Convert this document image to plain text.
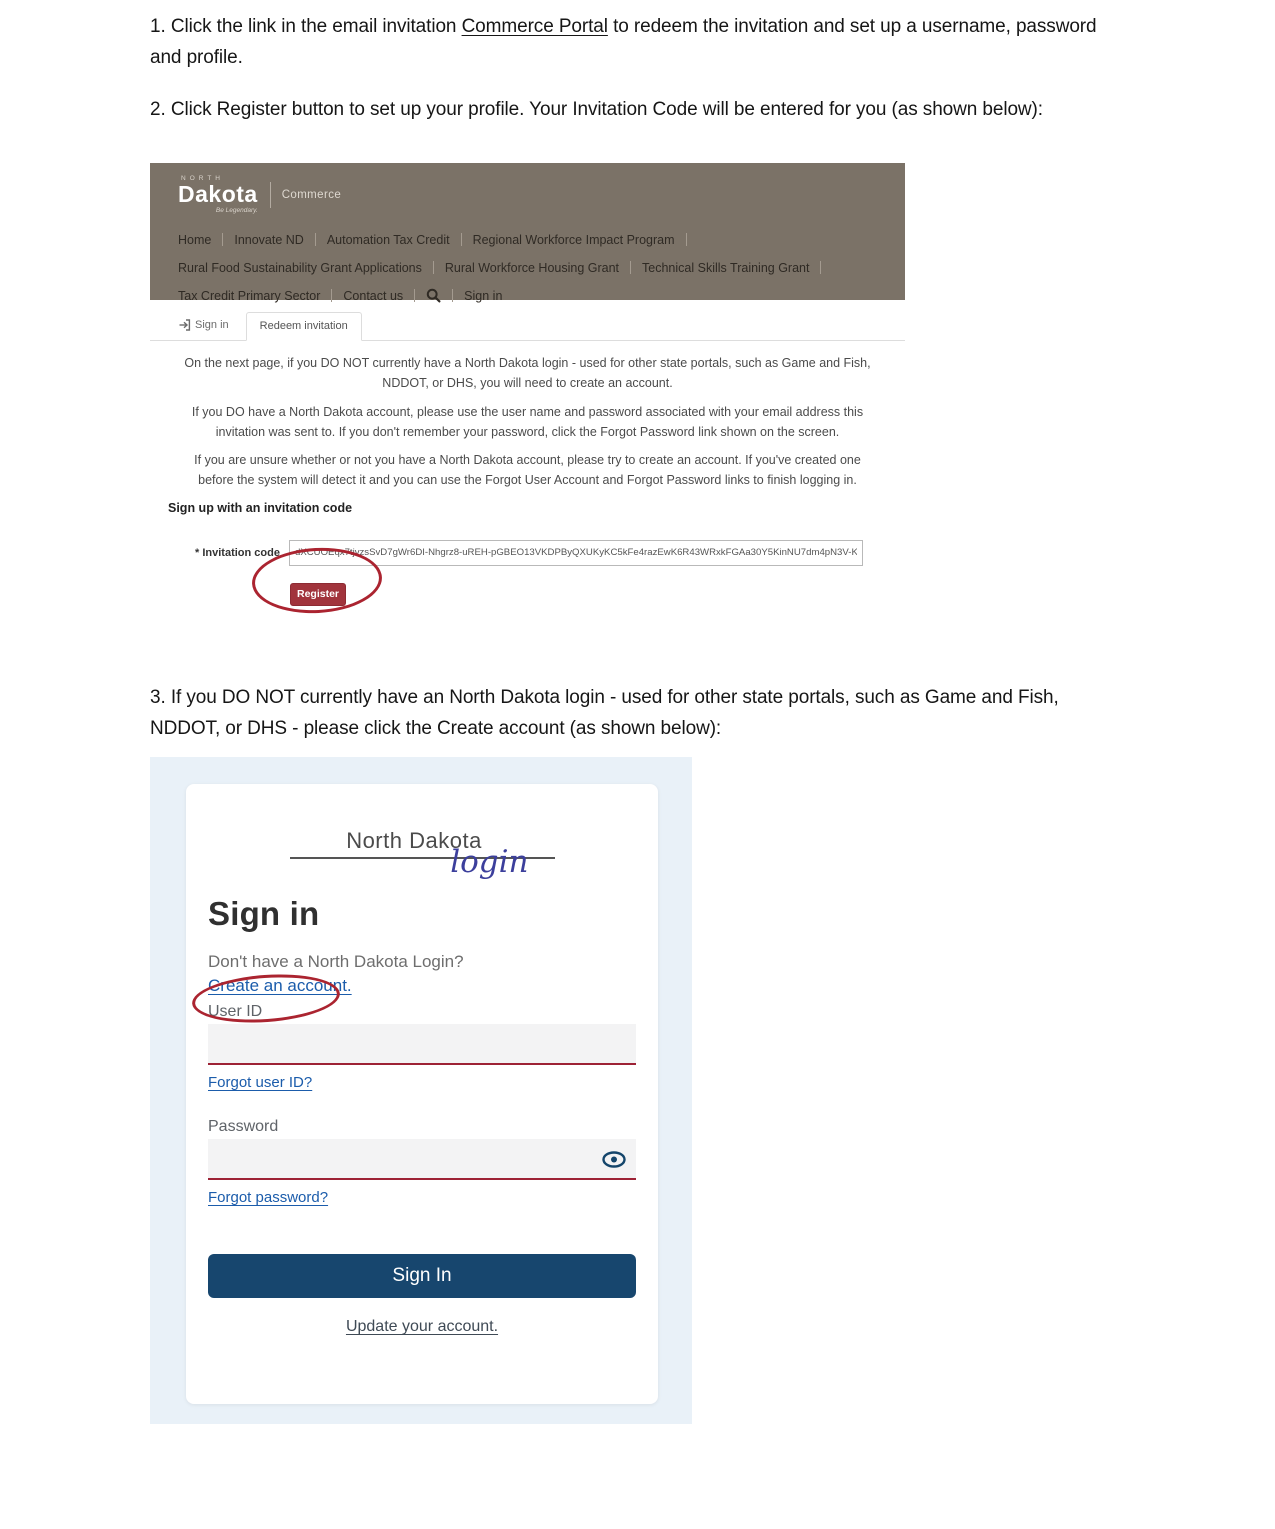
1. Click the link in the email invitation Commerce Portal to redeem the invitation and set up a username, password and profile.

2. Click Register button to set up your profile. Your Invitation Code will be entered for you (as shown below):

NORTH
Dakota
Be Legendary.
Commerce
Home Innovate ND Automation Tax Credit Regional Workforce Impact Program
Rural Food Sustainability Grant Applications Rural Workforce Housing Grant Technical Skills Training Grant
Tax Credit Primary Sector Contact us	Sign in
Sign in	Redeem invitation

On the next page, if you DO NOT currently have a North Dakota login - used for other state portals, such as Game and Fish, NDDOT, or DHS, you will need to create an account.

If you DO have a North Dakota account, please use the user name and password associated with your email address this invitation was sent to. If you don't remember your password, click the Forgot Password link shown on the screen.

If you are unsure whether or not you have a North Dakota account, please try to create an account. If you've created one before the system will detect it and you can use the Forgot User Account and Forgot Password links to finish logging in.

Sign up with an invitation code
* Invitation code
dXCUOEqx7tjvzsSvD7gWr6DI-Nhgrz8-uREH-pGBEO13VKDPByQXUKyKC5kFe4razEwK6R43WRxkFGAa30Y5KinNU7dm4pN3V-K32-MZPM6lfC
Register

3. If you DO NOT currently have an North Dakota login - used for other state portals, such as Game and Fish, NDDOT, or DHS - please click the Create account (as shown below):

North Dakota
login
Sign in

Don't have a North Dakota Login?

Create an account.
User ID
Forgot user ID?
Password
Forgot password?
Sign In
Update your account.
